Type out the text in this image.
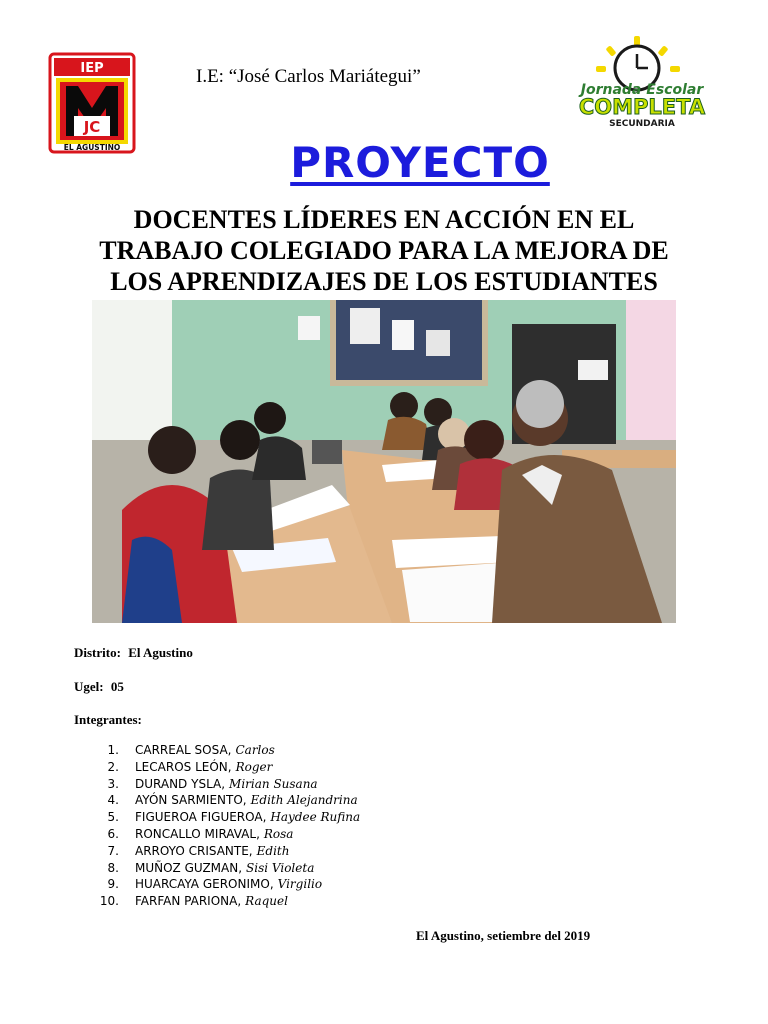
IEP
JC
EL AGUSTINO
I.E: “José Carlos Mariátegui”
Jornada Escolar
COMPLETA
SECUNDARIA
PROYECTO
DOCENTES LÍDERES EN ACCIÓN EN EL
TRABAJO COLEGIADO PARA LA MEJORA DE
LOS APRENDIZAJES DE LOS ESTUDIANTES
Distrito: El Agustino
Ugel: 05
Integrantes:
1. CARREAL SOSA, Carlos
2. LECAROS LEÓN, Roger
3. DURAND YSLA, Mirian Susana
4. AYÓN SARMIENTO, Edith Alejandrina
5. FIGUEROA FIGUEROA, Haydee Rufina
6. RONCALLO MIRAVAL, Rosa
7. ARROYO CRISANTE, Edith
8. MUÑOZ GUZMAN, Sisi Violeta
9. HUARCAYA GERONIMO, Virgilio
10. FARFAN PARIONA, Raquel
El Agustino, setiembre del 2019
